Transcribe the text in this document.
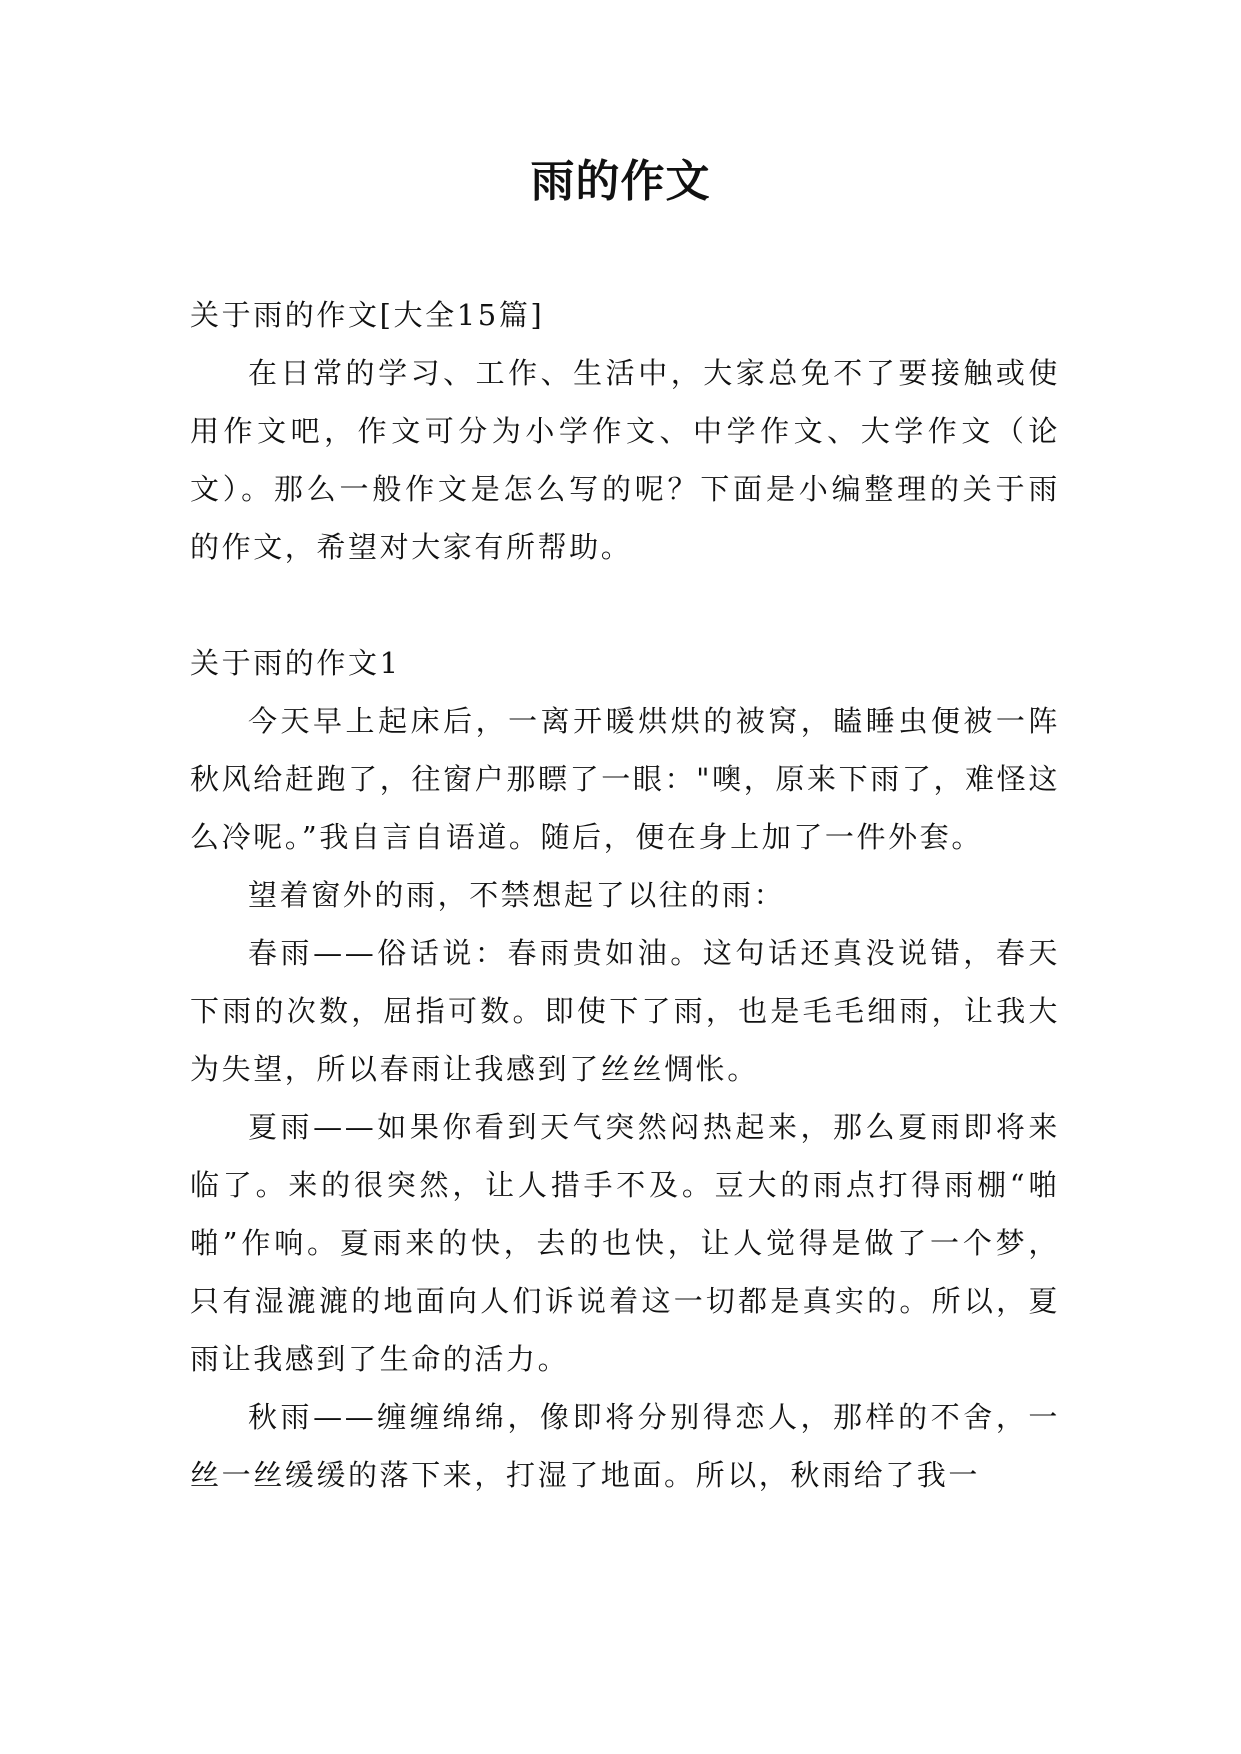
雨的作文

关于雨的作文[大全15篇]

在日常的学习、工作、生活中，大家总免不了要接触或使用作文吧，作文可分为小学作文、中学作文、大学作文（论文）。那么一般作文是怎么写的呢？下面是小编整理的关于雨的作文，希望对大家有所帮助。

关于雨的作文1

今天早上起床后，一离开暖烘烘的被窝，瞌睡虫便被一阵秋风给赶跑了，往窗户那瞟了一眼："噢，原来下雨了，难怪这么冷呢。”我自言自语道。随后，便在身上加了一件外套。

望着窗外的雨，不禁想起了以往的雨：

春雨——俗话说：春雨贵如油。这句话还真没说错，春天下雨的次数，屈指可数。即使下了雨，也是毛毛细雨，让我大为失望，所以春雨让我感到了丝丝惆怅。

夏雨——如果你看到天气突然闷热起来，那么夏雨即将来临了。来的很突然，让人措手不及。豆大的雨点打得雨棚“啪啪”作响。夏雨来的快，去的也快，让人觉得是做了一个梦，只有湿漉漉的地面向人们诉说着这一切都是真实的。所以，夏雨让我感到了生命的活力。

秋雨——缠缠绵绵，像即将分别得恋人，那样的不舍，一丝一丝缓缓的落下来，打湿了地面。所以，秋雨给了我一
